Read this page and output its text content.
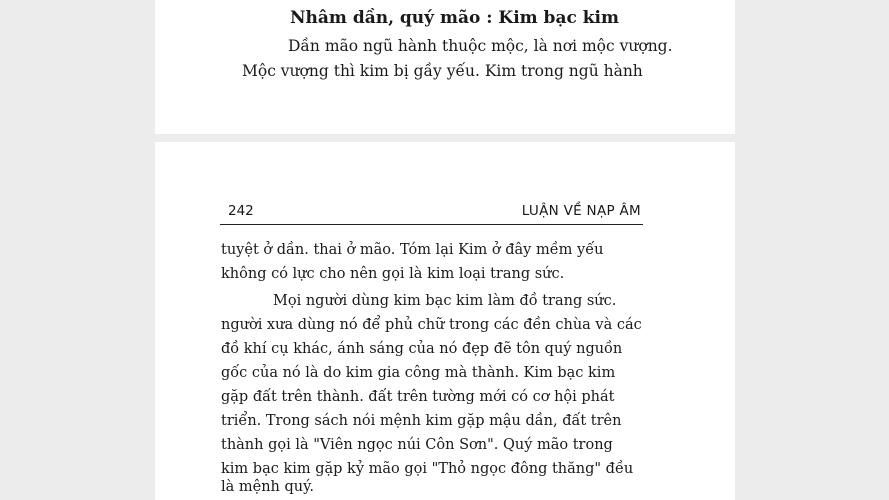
Nhâm dần, quý mão : Kim bạc kim
Dần mão ngũ hành thuộc mộc, là nơi mộc vượng.
Mộc vượng thì kim bị gầy yếu. Kim trong ngũ hành
242	LUẬN VỀ NẠP ÂM
tuyệt ở dần. thai ở mão. Tóm lại Kim ở đây mềm yếu
không có lực cho nên gọi là kim loại trang sức.
Mọi người dùng kim bạc kim làm đồ trang sức.
người xưa dùng nó để phủ chữ trong các đền chùa và các
đồ khí cụ khác, ánh sáng của nó đẹp đẽ tôn quý nguồn
gốc của nó là do kim gia công mà thành. Kim bạc kim
gặp đất trên thành. đất trên tường mới có cơ hội phát
triển. Trong sách nói mệnh kim gặp mậu dần, đất trên
thành gọi là "Viên ngọc núi Côn Sơn". Quý mão trong
kim bạc kim gặp kỷ mão gọi "Thỏ ngọc đông thăng" đều
là mệnh quý.
